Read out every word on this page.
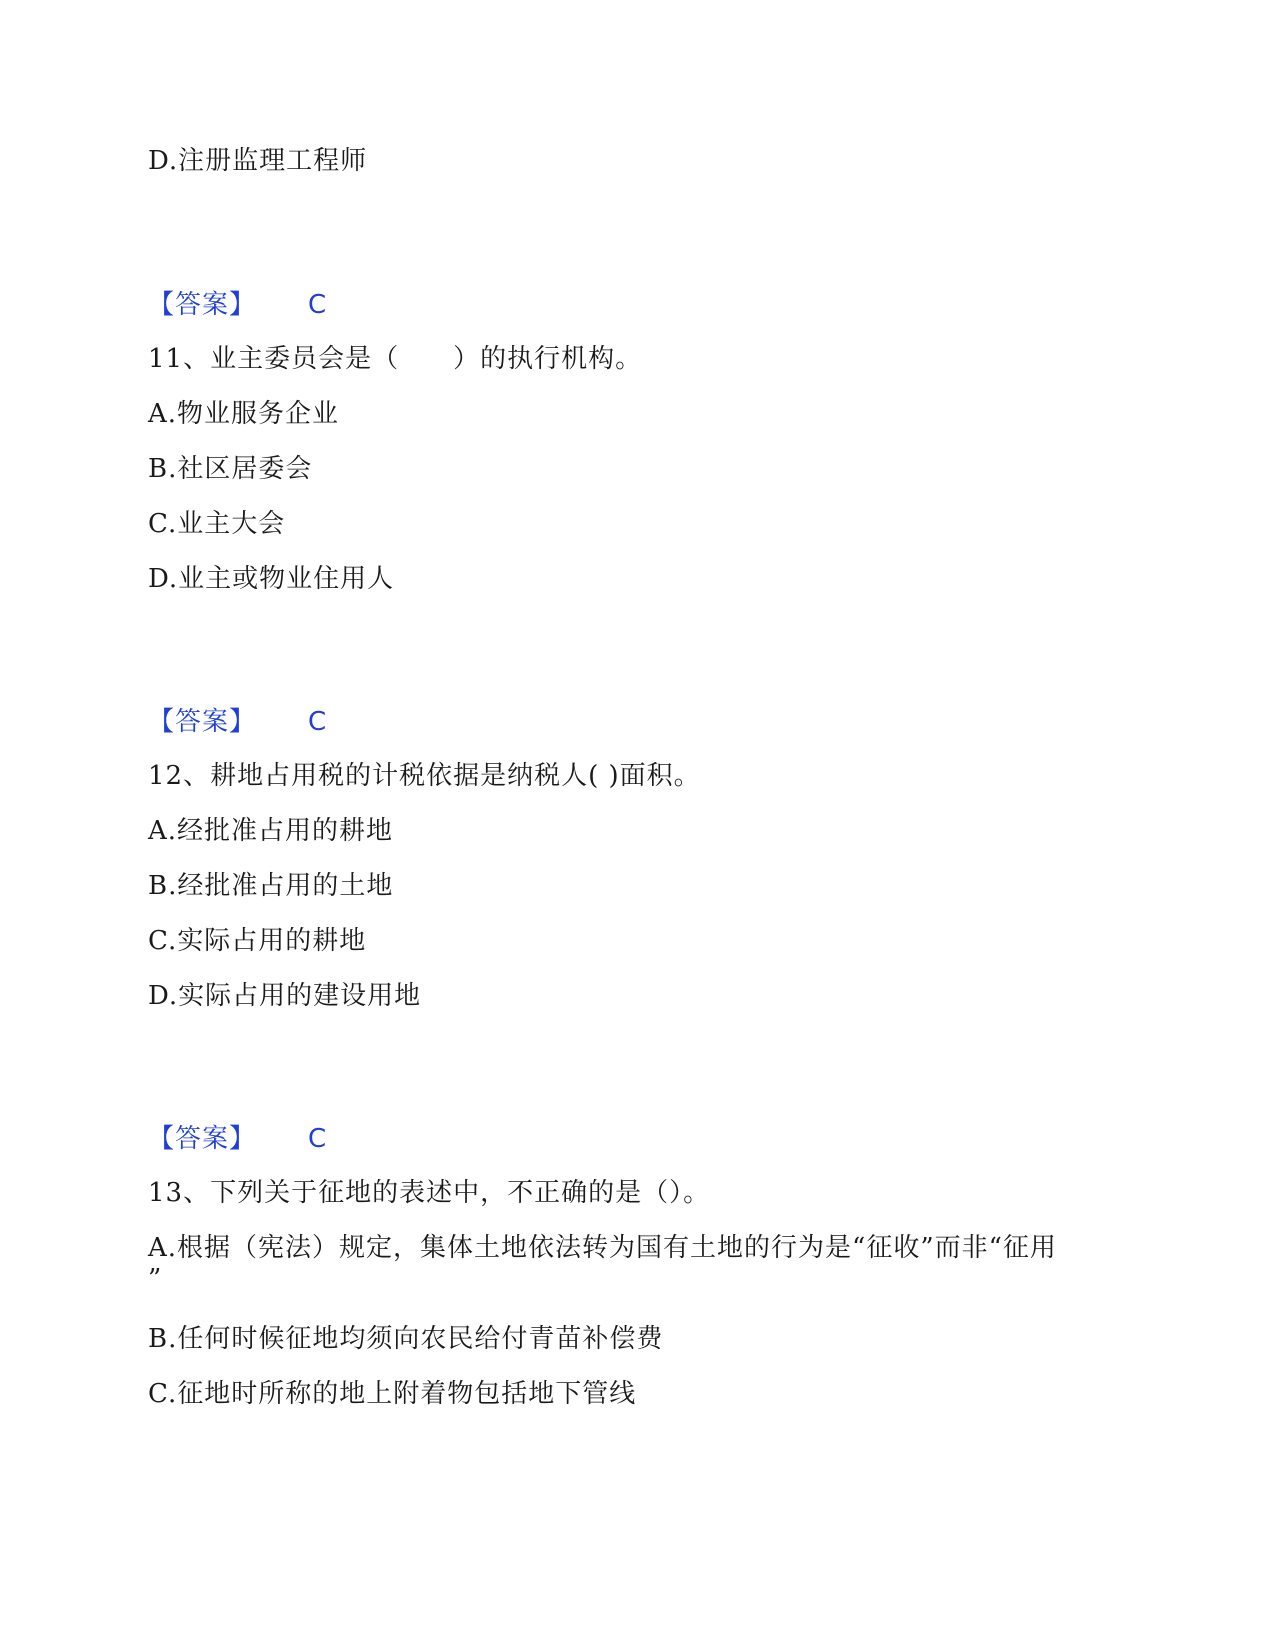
D.注册监理工程师
【答案】 C
11、业主委员会是（　　）的执行机构。
A.物业服务企业
B.社区居委会
C.业主大会
D.业主或物业住用人
【答案】 C
12、耕地占用税的计税依据是纳税人( )面积。
A.经批准占用的耕地
B.经批准占用的土地
C.实际占用的耕地
D.实际占用的建设用地
【答案】 C
13、下列关于征地的表述中，不正确的是（）。
A.根据（宪法）规定，集体土地依法转为国有土地的行为是“征收”而非“征用
”
B.任何时候征地均须向农民给付青苗补偿费
C.征地时所称的地上附着物包括地下管线
